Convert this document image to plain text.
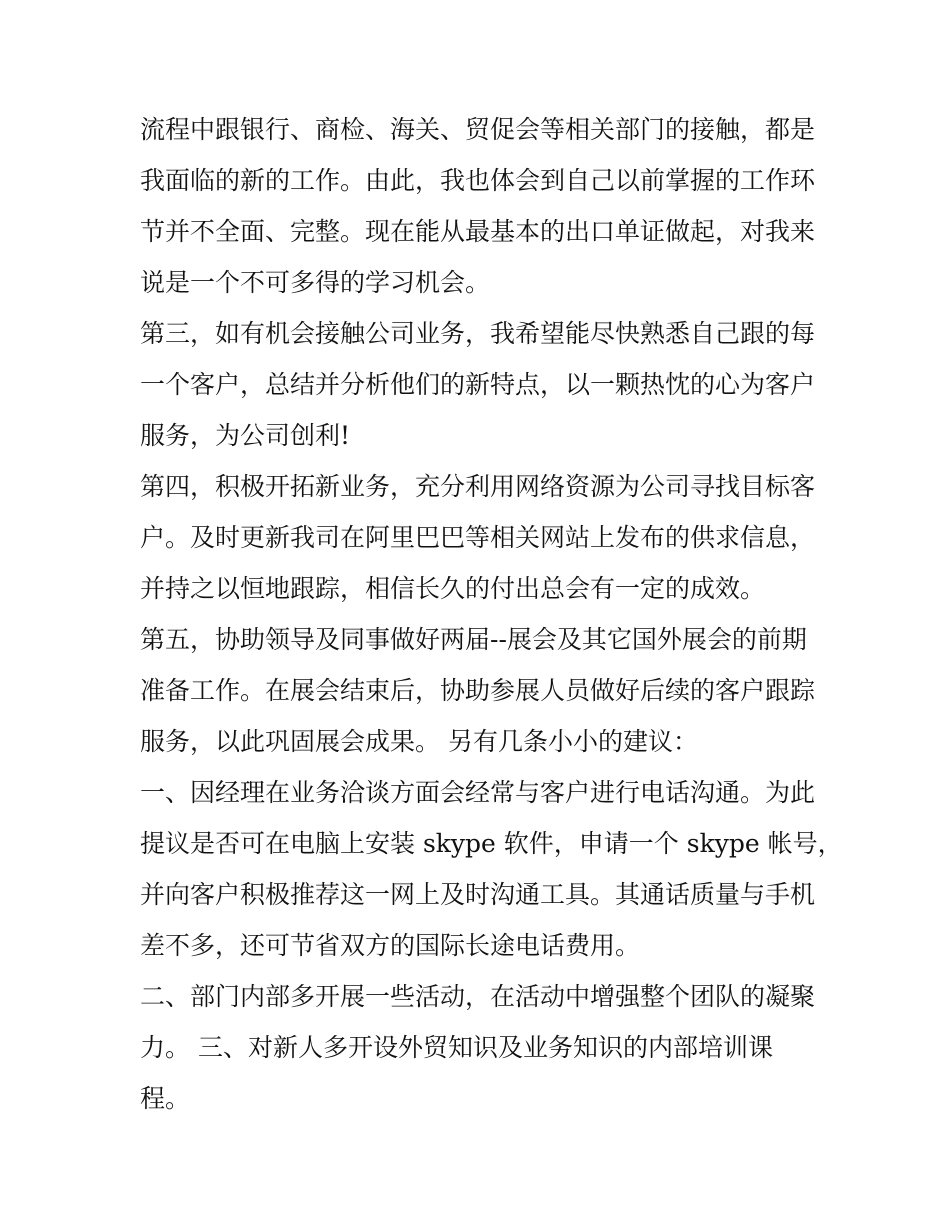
流程中跟银行、商检、海关、贸促会等相关部门的接触，都是
我面临的新的工作。由此，我也体会到自己以前掌握的工作环
节并不全面、完整。现在能从最基本的出口单证做起，对我来
说是一个不可多得的学习机会。
第三，如有机会接触公司业务，我希望能尽快熟悉自己跟的每
一个客户，总结并分析他们的新特点，以一颗热忱的心为客户
服务，为公司创利!
第四，积极开拓新业务，充分利用网络资源为公司寻找目标客
户。及时更新我司在阿里巴巴等相关网站上发布的供求信息，
并持之以恒地跟踪，相信长久的付出总会有一定的成效。
第五，协助领导及同事做好两届--展会及其它国外展会的前期
准备工作。在展会结束后，协助参展人员做好后续的客户跟踪
服务，以此巩固展会成果。 另有几条小小的建议：
一、因经理在业务洽谈方面会经常与客户进行电话沟通。为此
提议是否可在电脑上安装 skype 软件，申请一个 skype 帐号，
并向客户积极推荐这一网上及时沟通工具。其通话质量与手机
差不多，还可节省双方的国际长途电话费用。
二、部门内部多开展一些活动，在活动中增强整个团队的凝聚
力。 三、对新人多开设外贸知识及业务知识的内部培训课
程。
